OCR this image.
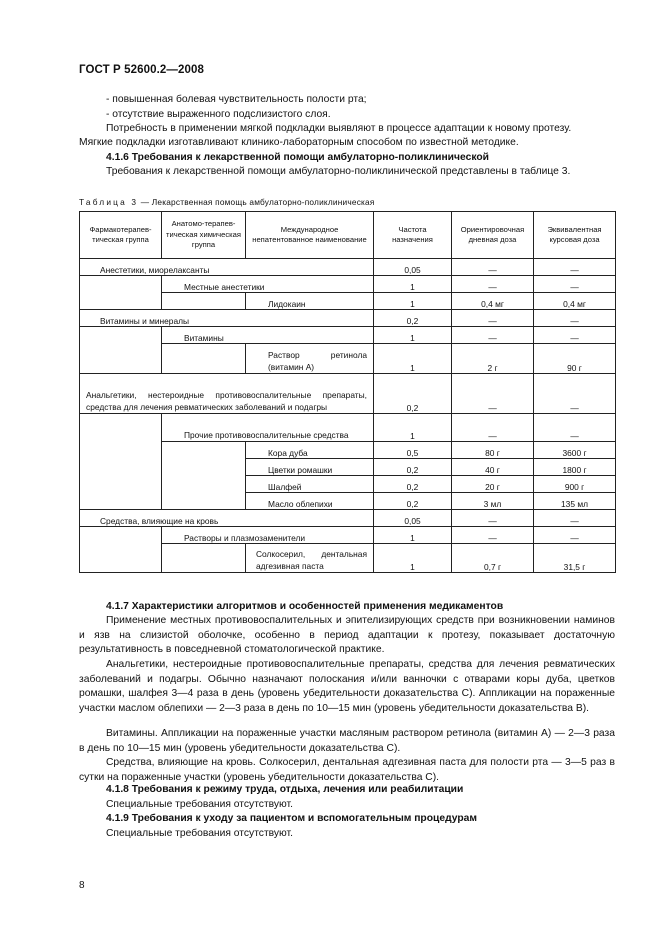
ГОСТ Р 52600.2—2008
- повышенная болевая чувствительность полости рта;
- отсутствие выраженного подслизистого слоя.
Потребность в применении мягкой подкладки выявляют в процессе адаптации к новому протезу.
Мягкие подкладки изготавливают клинико-лабораторным способом по известной методике.
4.1.6 Требования к лекарственной помощи амбулаторно-поликлинической
Требования к лекарственной помощи амбулаторно-поликлинической представлены в таблице 3.
Таблица 3 — Лекарственная помощь амбулаторно-поликлиническая
Фармакотерапев-тическая группа	Анатомо-терапев-тическая химическая группа	Международное непатентованное наименование	Частота назначения	Ориентировочная дневная доза	Эквивалентная курсовая доза
Анестетики, миорелаксанты			0,05	—	—
	Местные анестетики		1	—	—
		Лидокаин	1	0,4 мг	0,4 мг
Витамины и минералы			0,2	—	—
	Витамины		1	—	—
		Раствор ретинола (витамин А)	1	2 г	90 г
Анальгетики, нестероидные противовоспалительные препараты, средства для лечения ревматических заболеваний и подагры			0,2	—	—
	Прочие противовоспалительные средства		1	—	—
		Кора дуба	0,5	80 г	3600 г
		Цветки ромашки	0,2	40 г	1800 г
		Шалфей	0,2	20 г	900 г
		Масло облепихи	0,2	3 мл	135 мл
Средства, влияющие на кровь			0,05	—	—
	Растворы и плазмозаменители		1	—	—
		Солкосерил, дентальная адгезивная паста	1	0,7 г	31,5 г
4.1.7 Характеристики алгоритмов и особенностей применения медикаментов
Применение местных противовоспалительных и эпителизирующих средств при возникновении наминов и язв на слизистой оболочке, особенно в период адаптации к протезу, показывает достаточную результативность в повседневной стоматологической практике.
Анальгетики, нестероидные противовоспалительные препараты, средства для лечения ревматических заболеваний и подагры. Обычно назначают полоскания и/или ванночки с отварами коры дуба, цветков ромашки, шалфея 3—4 раза в день (уровень убедительности доказательства С). Аппликации на пораженные участки маслом облепихи — 2—3 раза в день по 10—15 мин (уровень убедительности доказательства В).
Витамины. Аппликации на пораженные участки масляным раствором ретинола (витамин А) — 2—3 раза в день по 10—15 мин (уровень убедительности доказательства С).
Средства, влияющие на кровь. Солкосерил, дентальная адгезивная паста для полости рта — 3—5 раз в сутки на пораженные участки (уровень убедительности доказательства С).
4.1.8 Требования к режиму труда, отдыха, лечения или реабилитации
Специальные требования отсутствуют.
4.1.9 Требования к уходу за пациентом и вспомогательным процедурам
Специальные требования отсутствуют.
8
